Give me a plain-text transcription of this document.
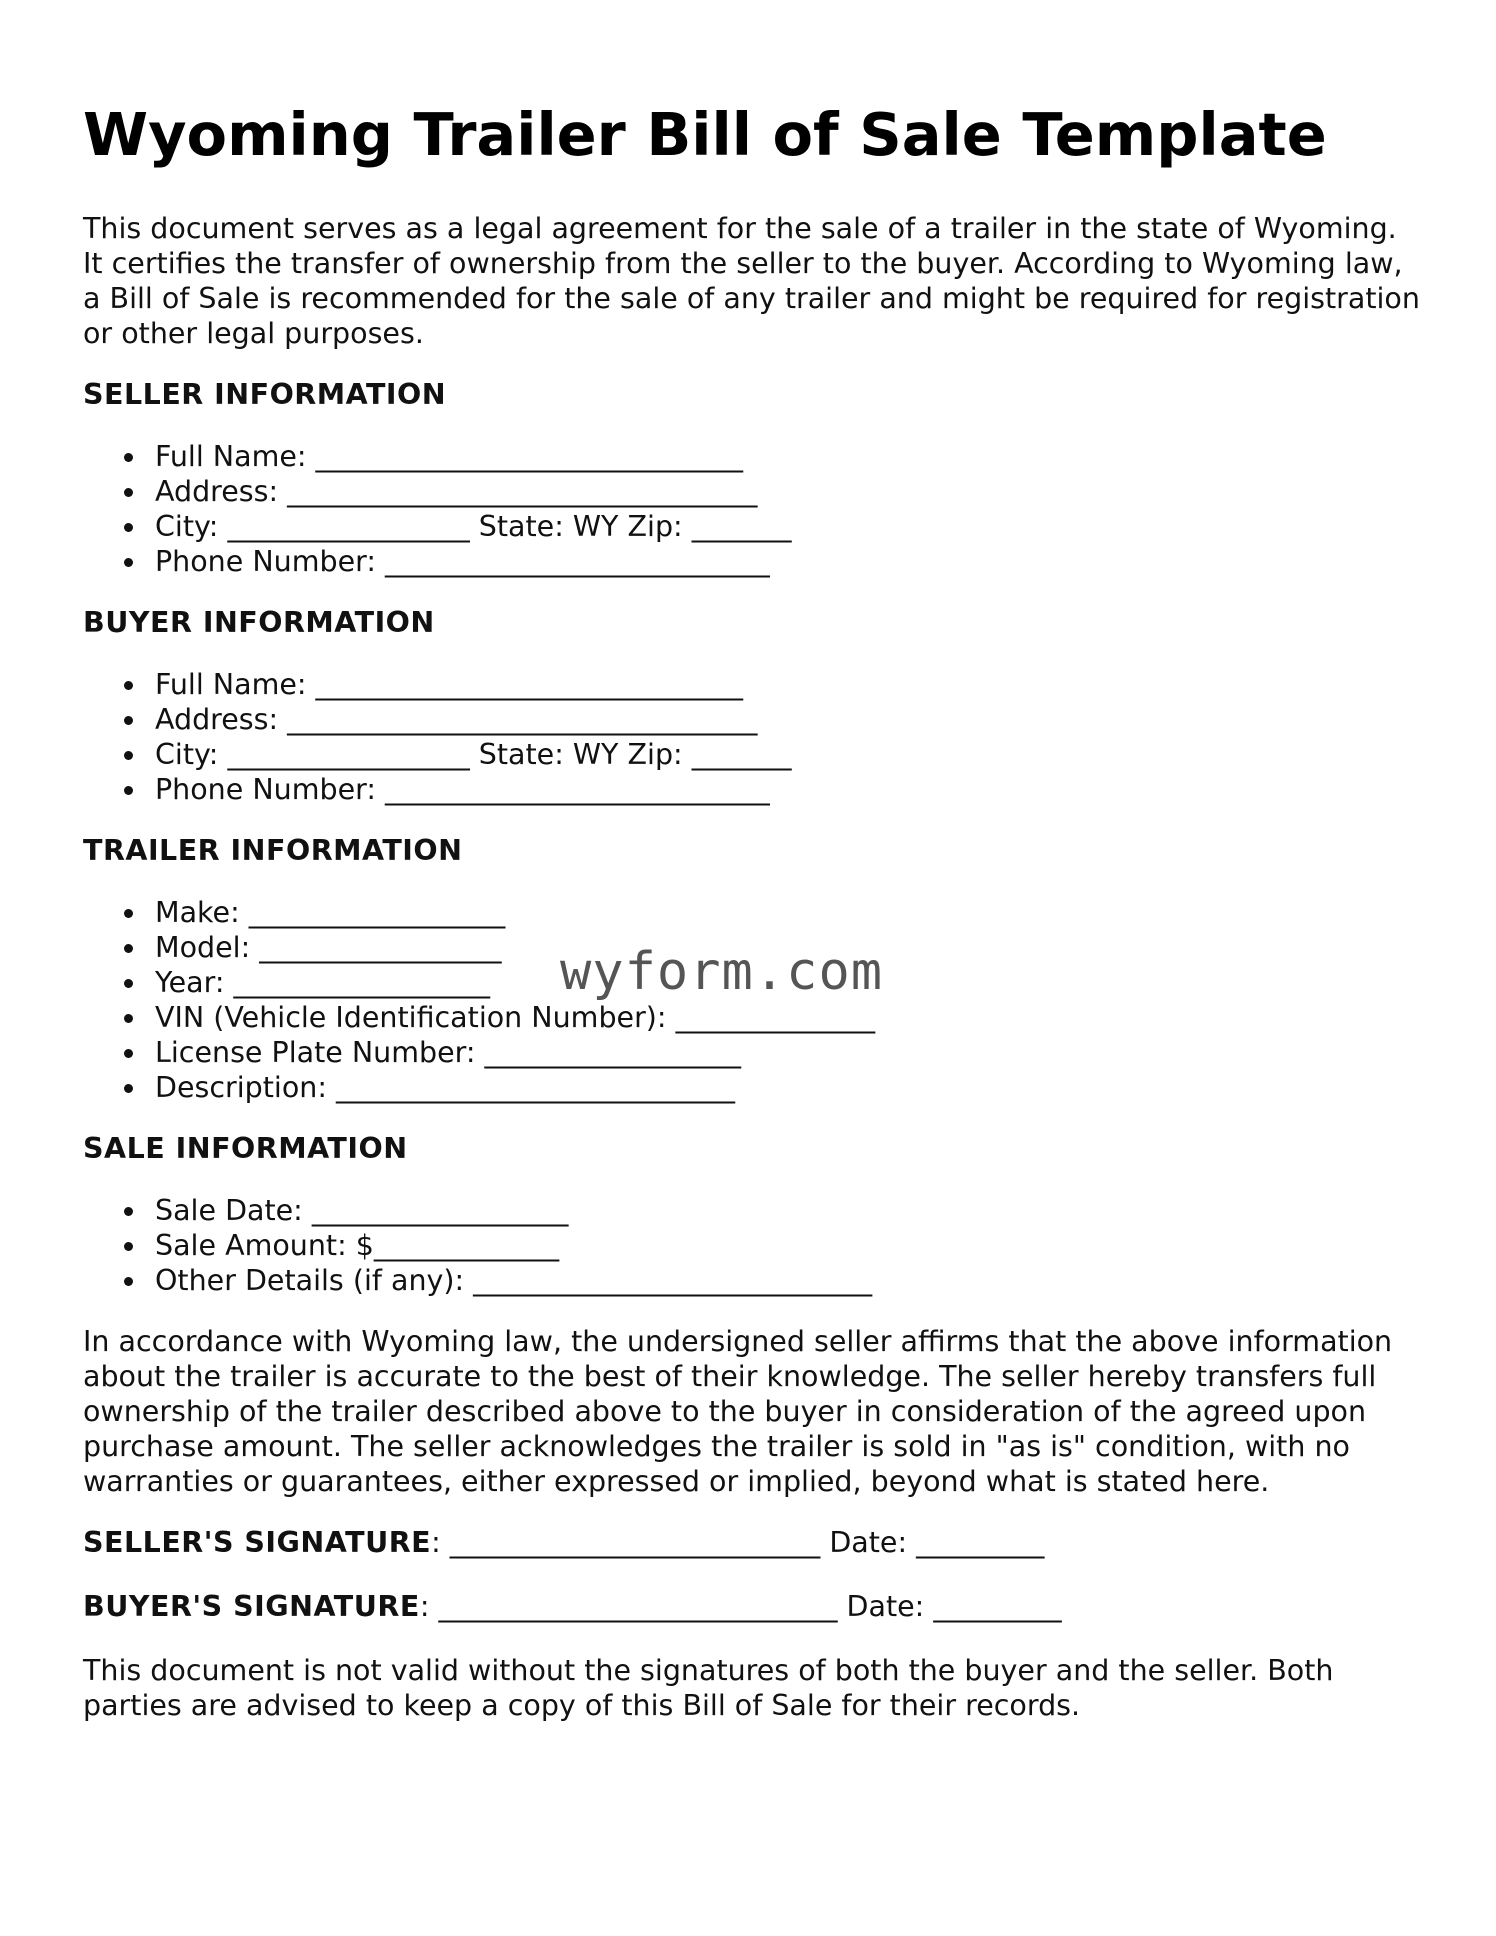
Wyoming Trailer Bill of Sale Template

This document serves as a legal agreement for the sale of a trailer in the state of Wyoming. It certifies the transfer of ownership from the seller to the buyer. According to Wyoming law, a Bill of Sale is recommended for the sale of any trailer and might be required for registration or other legal purposes.

SELLER INFORMATION
Full Name: ______________________________
Address: _________________________________
City: _________________ State: WY Zip: _______
Phone Number: ___________________________
BUYER INFORMATION
Full Name: ______________________________
Address: _________________________________
City: _________________ State: WY Zip: _______
Phone Number: ___________________________
TRAILER INFORMATION
Make: __________________
Model: _________________
Year: __________________
VIN (Vehicle Identification Number): ______________
License Plate Number: __________________
Description: ____________________________
SALE INFORMATION
Sale Date: __________________
Sale Amount: $_____________
Other Details (if any): ____________________________

In accordance with Wyoming law, the undersigned seller affirms that the above information about the trailer is accurate to the best of their knowledge. The seller hereby transfers full ownership of the trailer described above to the buyer in consideration of the agreed upon purchase amount. The seller acknowledges the trailer is sold in "as is" condition, with no warranties or guarantees, either expressed or implied, beyond what is stated here.

SELLER'S SIGNATURE: __________________________ Date: _________
BUYER'S SIGNATURE: ____________________________ Date: _________

This document is not valid without the signatures of both the buyer and the seller. Both parties are advised to keep a copy of this Bill of Sale for their records.

wyform.com
